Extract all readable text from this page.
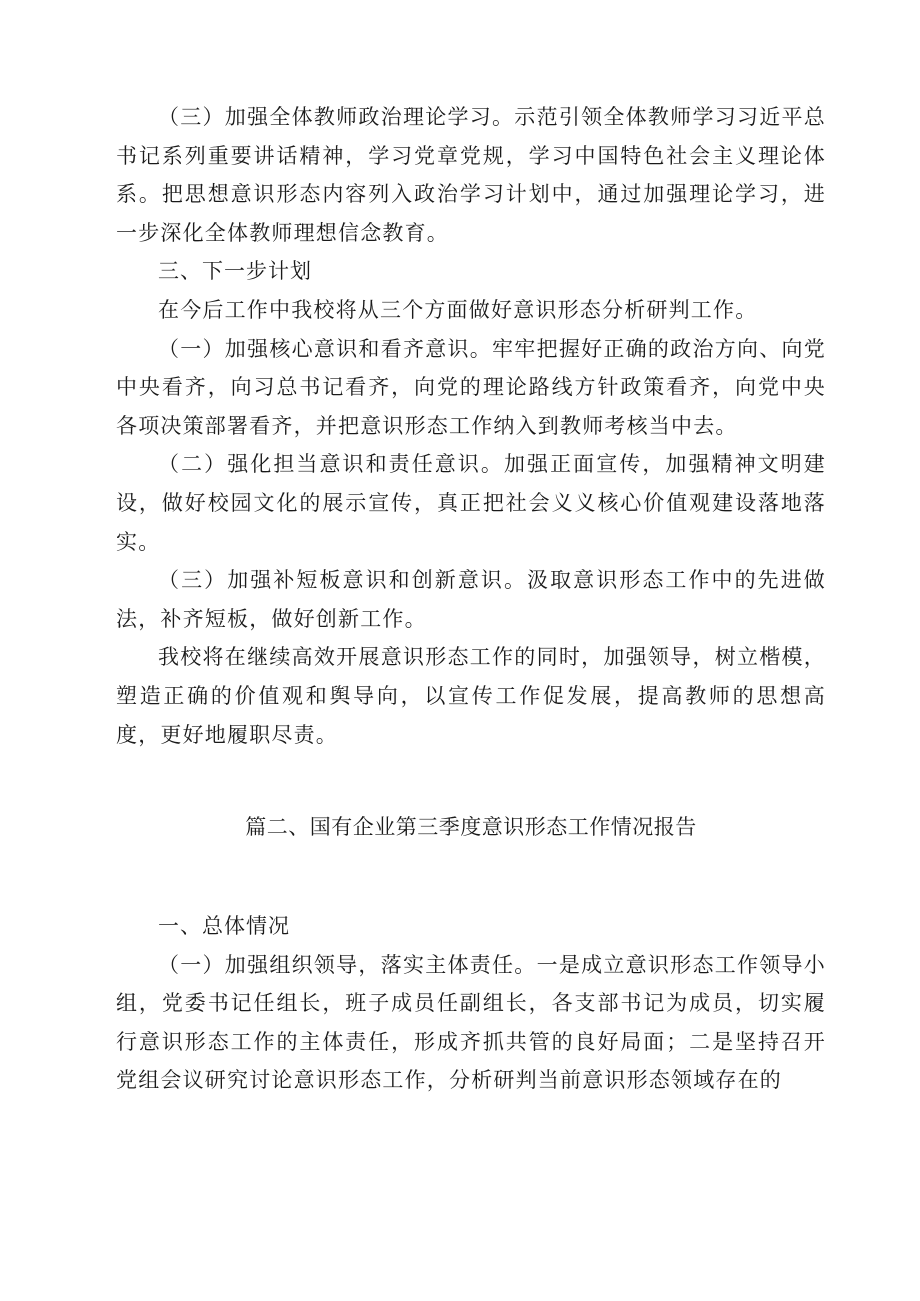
（三）加强全体教师政治理论学习。示范引领全体教师学习习近平总书记系列重要讲话精神，学习党章党规，学习中国特色社会主义理论体系。把思想意识形态内容列入政治学习计划中，通过加强理论学习，进一步深化全体教师理想信念教育。

三、下一步计划

在今后工作中我校将从三个方面做好意识形态分析研判工作。

（一）加强核心意识和看齐意识。牢牢把握好正确的政治方向、向党中央看齐，向习总书记看齐，向党的理论路线方针政策看齐，向党中央各项决策部署看齐，并把意识形态工作纳入到教师考核当中去。

（二）强化担当意识和责任意识。加强正面宣传，加强精神文明建设，做好校园文化的展示宣传，真正把社会义义核心价值观建设落地落实。

（三）加强补短板意识和创新意识。汲取意识形态工作中的先进做法，补齐短板，做好创新工作。

我校将在继续高效开展意识形态工作的同时，加强领导，树立楷模，塑造正确的价值观和舆导向，以宣传工作促发展，提高教师的思想高度，更好地履职尽责。

篇二、国有企业第三季度意识形态工作情况报告
一、总体情况

（一）加强组织领导，落实主体责任。一是成立意识形态工作领导小组，党委书记任组长，班子成员任副组长，各支部书记为成员，切实履行意识形态工作的主体责任，形成齐抓共管的良好局面；二是坚持召开党组会议研究讨论意识形态工作，分析研判当前意识形态领域存在的
